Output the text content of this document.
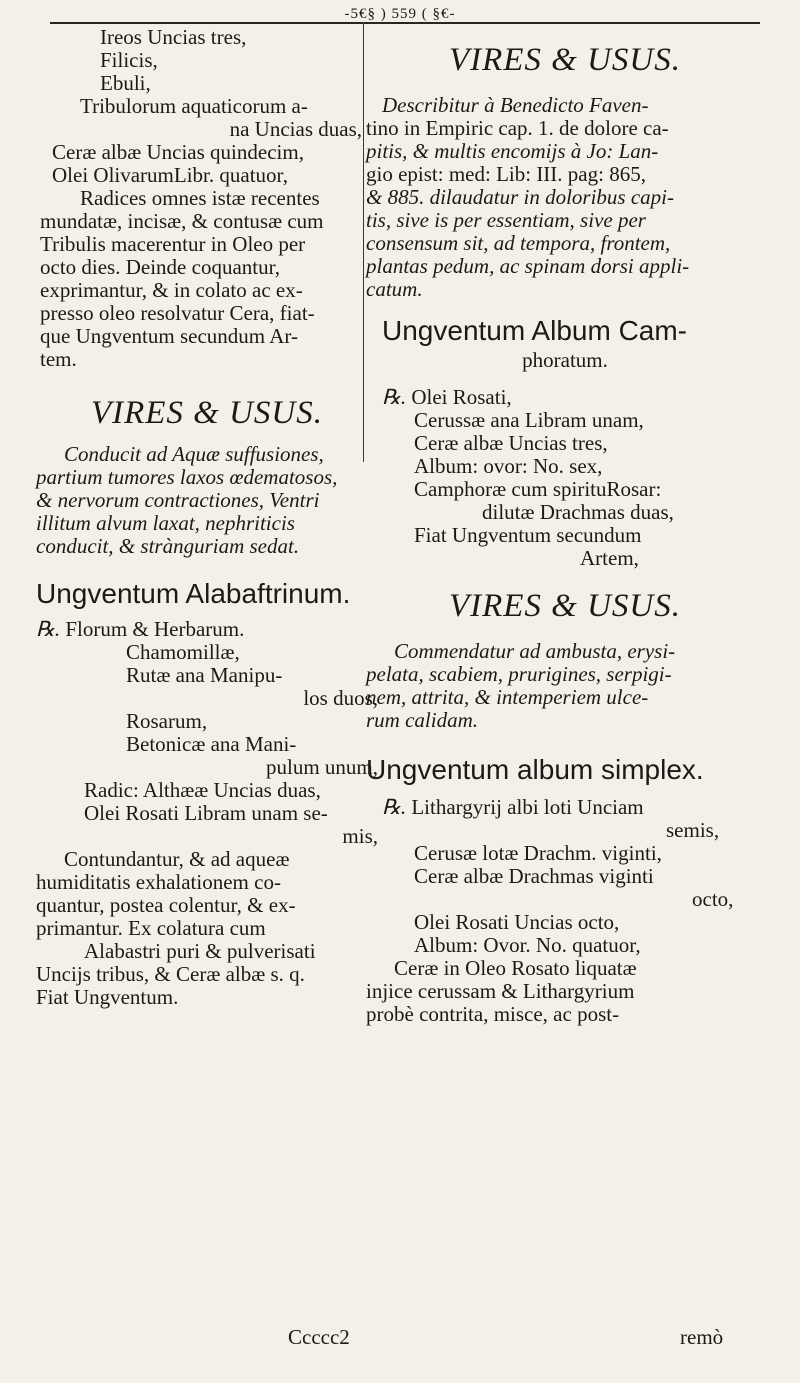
-5€§ ) 559 ( §€-
Ireos Uncias tres,
Filicis,
Ebuli,
Tribulorum aquaticorum a-
na Uncias duas,
Ceræ albæ Uncias quindecim,
Olei OlivarumLibr. quatuor,
Radices omnes istæ recentes
mundatæ, incisæ, & contusæ cum
Tribulis macerentur in Oleo per
octo dies. Deinde coquantur,
exprimantur, & in colato ac ex-
presso oleo resolvatur Cera, fiat-
que Ungventum secundum Ar-
tem.
VIRES & USUS.
Conducit ad Aquæ suffusiones,
partium tumores laxos œdematosos,
& nervorum contractiones, Ventri
illitum alvum laxat, nephriticis
conducit, & strànguriam sedat.
Ungventum Alabaftrinum.
℞. Florum & Herbarum.
Chamomillæ,
Rutæ ana Manipu-
los duos,
Rosarum,
Betonicæ ana Mani-
pulum unum,
Radic: Althææ Uncias duas,
Olei Rosati Libram unam se-
mis,
Contundantur, & ad aqueæ
humiditatis exhalationem co-
quantur, postea colentur, & ex-
primantur. Ex colatura cum
Alabastri puri & pulverisati
Uncijs tribus, & Ceræ albæ s. q.
Fiat Ungventum.
VIRES & USUS.
Describitur à Benedicto Faven-
tino in Empiric cap. 1. de dolore ca-
pitis, & multis encomijs à Jo: Lan-
gio epist: med: Lib: III. pag: 865,
& 885. dilaudatur in doloribus capi-
tis, sive is per essentiam, sive per
consensum sit, ad tempora, frontem,
plantas pedum, ac spinam dorsi appli-
catum.
Ungventum Album Cam-
phoratum.
℞. Olei Rosati,
Cerussæ ana Libram unam,
Ceræ albæ Uncias tres,
Album: ovor: No. sex,
Camphoræ cum spirituRosar:
dilutæ Drachmas duas,
Fiat Ungventum secundum
Artem,
VIRES & USUS.
Commendatur ad ambusta, erysi-
pelata, scabiem, prurigines, serpigi-
nem, attrita, & intemperiem ulce-
rum calidam.
Ungventum album simplex.
℞. Lithargyrij albi loti Unciam
semis,
Cerusæ lotæ Drachm. viginti,
Ceræ albæ Drachmas viginti
octo,
Olei Rosati Uncias octo,
Album: Ovor. No. quatuor,
Ceræ in Oleo Rosato liquatæ
injice cerussam & Lithargyrium
probè contrita, misce, ac post-
Ccccc2	remò
